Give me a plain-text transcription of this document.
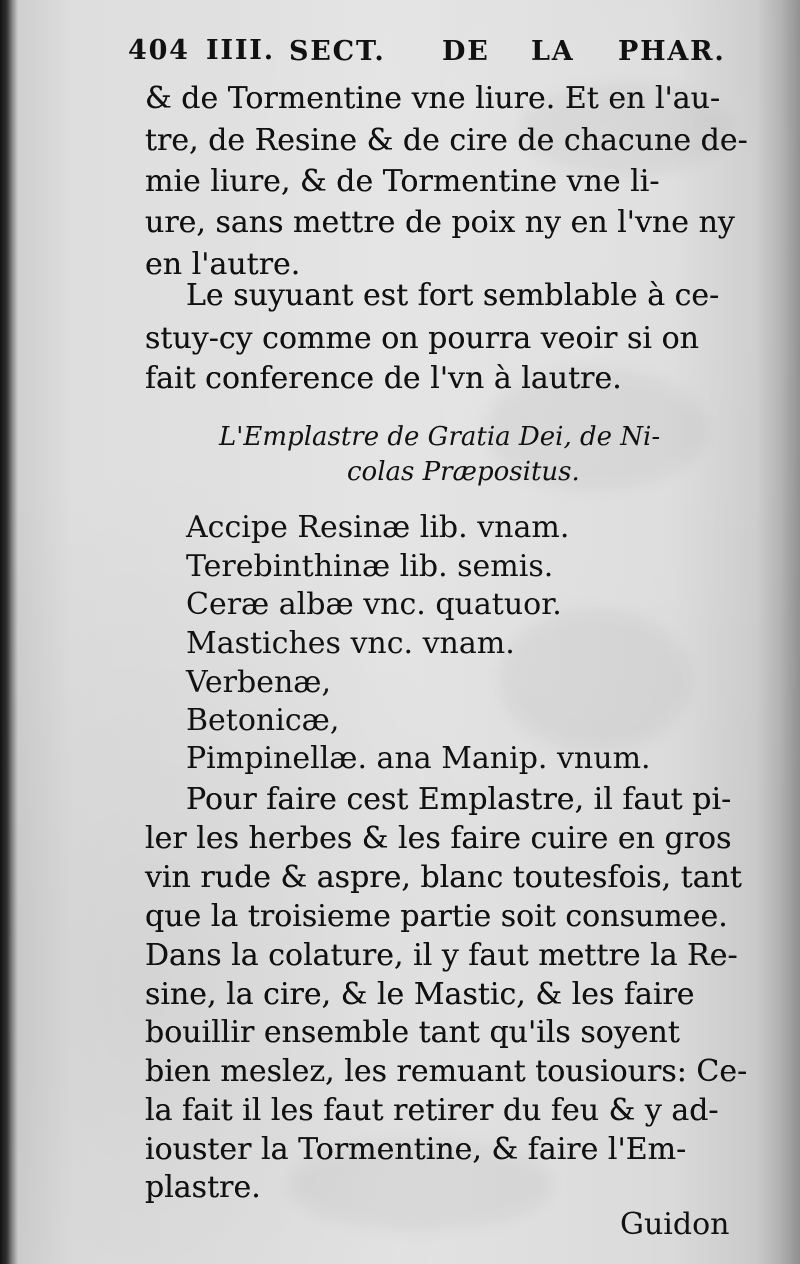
404 IIII. SECT. DE LA PHAR.
& de Tormentine vne liure. Et en l'au-
tre, de Resine & de cire de chacune de-
mie liure, & de Tormentine vne li-
ure, sans mettre de poix ny en l'vne ny
en l'autre.
Le suyuant est fort semblable à ce-
stuy-cy comme on pourra veoir si on
fait conference de l'vn à lautre.
L'Emplastre de Gratia Dei, de Ni-
colas Præpositus.
Accipe Resinæ lib. vnam.
Terebinthinæ lib. semis.
Ceræ albæ vnc. quatuor.
Mastiches vnc. vnam.
Verbenæ,
Betonicæ,
Pimpinellæ. ana Manip. vnum.
Pour faire cest Emplastre, il faut pi-
ler les herbes & les faire cuire en gros
vin rude & aspre, blanc toutesfois, tant
que la troisieme partie soit consumee.
Dans la colature, il y faut mettre la Re-
sine, la cire, & le Mastic, & les faire
bouillir ensemble tant qu'ils soyent
bien meslez, les remuant tousiours: Ce-
la fait il les faut retirer du feu & y ad-
iouster la Tormentine, & faire l'Em-
plastre.
Guidon
